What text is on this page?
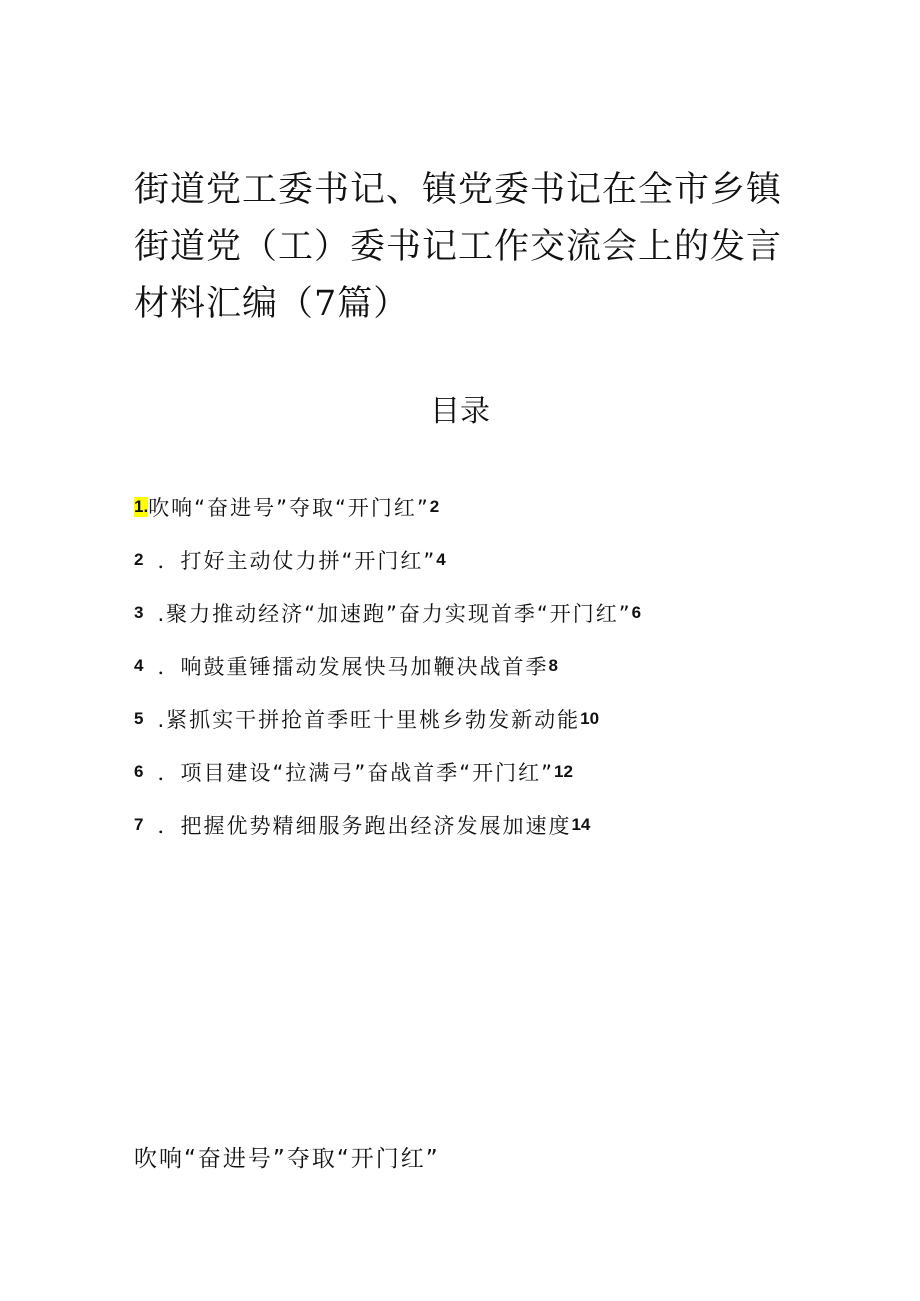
街道党工委书记、镇党委书记在全市乡镇街道党（工）委书记工作交流会上的发言材料汇编（7篇）
目录
1. 吹响“奋进号”夺取“开门红” 2
2 ．打好主动仗力拼“开门红” 4
3 .聚力推动经济“加速跑”奋力实现首季“开门红” 6
4 ．响鼓重锤擂动发展快马加鞭决战首季 8
5 .紧抓实干拼抢首季旺十里桃乡勃发新动能 10
6 ．项目建设“拉满弓”奋战首季“开门红” 12
7 ．把握优势精细服务跑出经济发展加速度 14
吹响“奋进号”夺取“开门红”
